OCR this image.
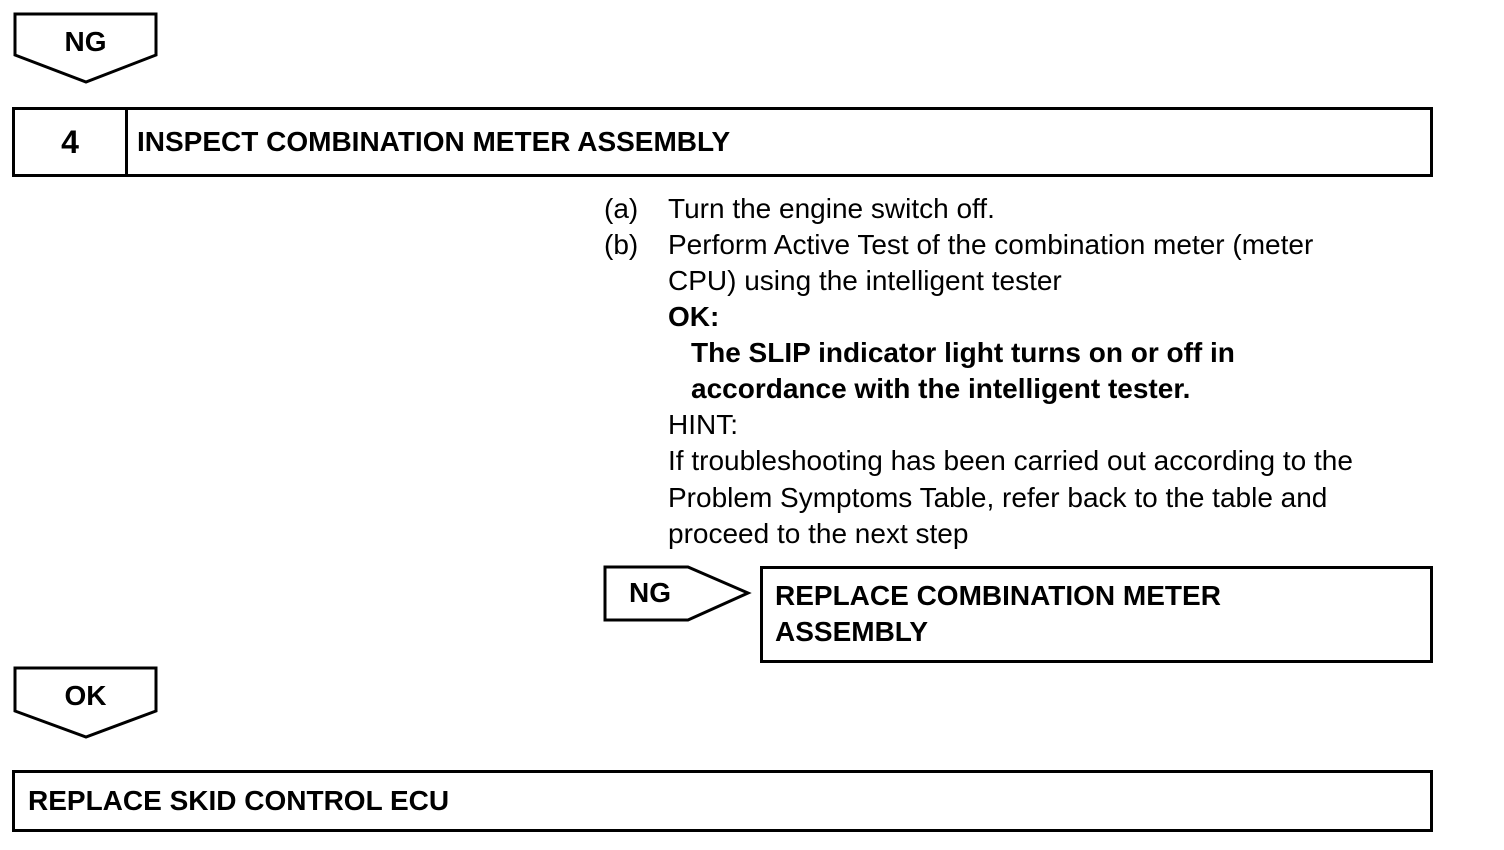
NG
4	INSPECT COMBINATION METER ASSEMBLY
(a) Turn the engine switch off.
(b) Perform Active Test of the combination meter (meter
CPU) using the intelligent tester
OK:
The SLIP indicator light turns on or off in
accordance with the intelligent tester.
HINT:
If troubleshooting has been carried out according to the
Problem Symptoms Table, refer back to the table and
proceed to the next step
NG	REPLACE COMBINATION METER
ASSEMBLY
OK
REPLACE SKID CONTROL ECU
